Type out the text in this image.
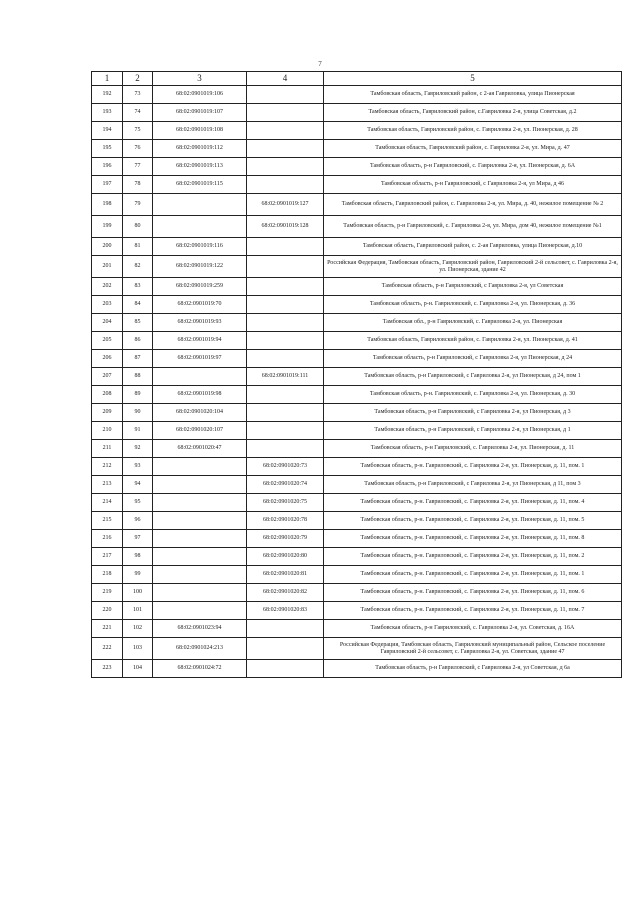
7
1	2	3	4	5
192	73	68:02:0901019:106		Тамбовская область, Гавриловский район, с 2-ая Гавриловка, улица Пионерская
193	74	68:02:0901019:107		Тамбовская область, Гавриловский район, с.Гавриловка 2-я, улица Советская, д.2
194	75	68:02:0901019:108		Тамбовская область, Гавриловский район, с. Гавриловка 2-я, ул. Пионерская, д. 28
195	76	68:02:0901019:112		Тамбовская область, Гавриловский район, с. Гавриловка 2-я, ул. Мира, д. 47
196	77	68:02:0901019:113		Тамбовская область, р-н Гавриловский, с. Гавриловка 2-я, ул. Пионерская, д. 6А
197	78	68:02:0901019:115		Тамбовская область, р-н Гавриловский, с Гавриловка 2-я, ул Мира, д 46
198	79		68:02:0901019:127	Тамбовская область, Гавриловский район, с. Гавриловка 2-я, ул. Мира, д. 40, нежилое помещение № 2
199	80		68:02:0901019:128	Тамбовская область, р-н Гавриловский, с. Гавриловка 2-я, ул. Мира, дом 40, нежилое помещение №1
200	81	68:02:0901019:116		Тамбовская область, Гавриловский район, с. 2-ая Гавриловка, улица Пионерская, д.10
201	82	68:02:0901019:122		Российская Федерация, Тамбовская область, Гавриловский район, Гавриловский 2-й сельсовет, с. Гавриловка 2-я, ул. Пионерская, здание 42
202	83	68:02:0901019:259		Тамбовская область, р-н Гавриловский, с Гавриловка 2-я, ул Советская
203	84	68:02:0901019:70		Тамбовская область, р-н. Гавриловский, с. Гавриловка 2-я, ул. Пионерская, д. 36
204	85	68:02:0901019:93		Тамбовская обл., р-н Гавриловский, с. Гавриловка 2-я, ул. Пионерская
205	86	68:02:0901019:94		Тамбовская область, Гавриловский район, с. Гавриловка 2-я, ул. Пионерская, д. 41
206	87	68:02:0901019:97		Тамбовская область, р-н Гавриловский, с Гавриловка 2-я, ул Пионерская, д 24
207	88		68:02:0901019:111	Тамбовская область, р-н Гавриловский, с Гавриловка 2-я, ул Пионерская, д 24, пом 1
208	89	68:02:0901019:98		Тамбовская область, р-н. Гавриловский, с. Гавриловка 2-я, ул. Пионерская, д. 30
209	90	68:02:0901020:104		Тамбовская область, р-н Гавриловский, с Гавриловка 2-я, ул Пионерская, д 3
210	91	68:02:0901020:107		Тамбовская область, р-н Гавриловский, с Гавриловка 2-я, ул Пионерская, д 1
211	92	68:02:0901020:47		Тамбовская область, р-н Гавриловский, с. Гавриловка 2-я, ул. Пионерская, д. 11
212	93		68:02:0901020:73	Тамбовская область, р-н. Гавриловский, с. Гавриловка 2-я, ул. Пионерская, д. 11, пом. 1
213	94		68:02:0901020:74	Тамбовская область, р-н Гавриловский, с Гавриловка 2-я, ул Пионерская, д 11, пом 3
214	95		68:02:0901020:75	Тамбовская область, р-н. Гавриловский, с. Гавриловка 2-я, ул. Пионерская, д. 11, пом. 4
215	96		68:02:0901020:78	Тамбовская область, р-н. Гавриловский, с. Гавриловка 2-я, ул. Пионерская, д. 11, пом. 5
216	97		68:02:0901020:79	Тамбовская область, р-н. Гавриловский, с. Гавриловка 2-я, ул. Пионерская, д. 11, пом. 8
217	98		68:02:0901020:80	Тамбовская область, р-н. Гавриловский, с. Гавриловка 2-я, ул. Пионерская, д. 11, пом. 2
218	99		68:02:0901020:81	Тамбовская область, р-н. Гавриловский, с. Гавриловка 2-я, ул. Пионерская, д. 11, пом. 1
219	100		68:02:0901020:82	Тамбовская область, р-н. Гавриловский, с. Гавриловка 2-я, ул. Пионерская, д. 11, пом. 6
220	101		68:02:0901020:83	Тамбовская область, р-н. Гавриловский, с. Гавриловка 2-я, ул. Пионерская, д. 11, пом. 7
221	102	68:02:0901023:94		Тамбовская область, р-н Гавриловский, с. Гавриловка 2-я, ул. Советская, д. 16А
222	103	68:02:0901024:213		Российская Федерация, Тамбовская область, Гавриловский муниципальный район, Сельское поселение Гавриловский 2-й сельсовет, с. Гавриловка 2-я, ул. Советская, здание 47
223	104	68:02:0901024:72		Тамбовская область, р-н Гавриловский, с Гавриловка 2-я, ул Советская, д 6а
